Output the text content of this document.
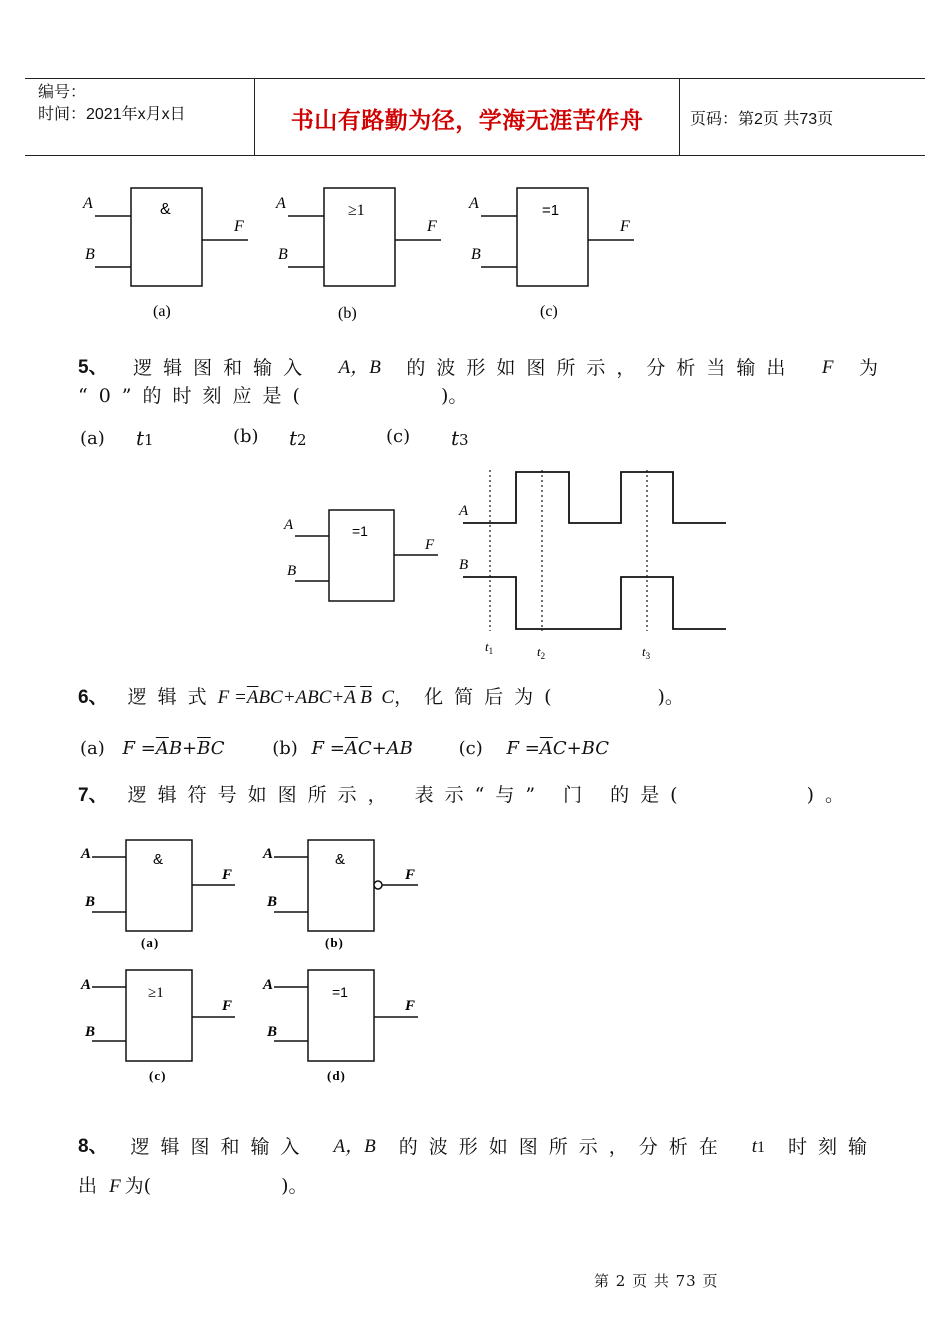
编号：
时间：2021年x月x日	书山有路勤为径，学海无涯苦作舟	页码：第2页 共73页
A
B
F
&
(a)
A
B
F
≥1
(b)
A
B
F
=1
(c)
5、 逻辑图和输入 A，B 的波形如图所示，分析当输出 F 为
“0”的时刻应是(	)。
(a) t1	(b) t2	(c) t3
A
B
F
=1
A
B
$t_1$	$t_2$	$t_3$
6、 逻辑式$F =\overline{A}BC+ABC+\overline{A}$ $\overline{B}$  C，化简后为(	)。
(a) $F =\overline{A}B+\overline{B}C$	(b) $F =\overline{A}C+AB$	(c) $F =\overline{A}C+BC$
7、 逻辑符号如图所示， 表示“与” 门 的是(	)。
A
B
F
&
(a)
A
B
F
&
(b)
A
B
F
≥1
(c)
A
B
F
=1
(d)
8、 逻辑图和输入 A，B 的波形如图所示，分析在 t1 时刻输
出 F 为(	)。
第 2 页 共 73 页
